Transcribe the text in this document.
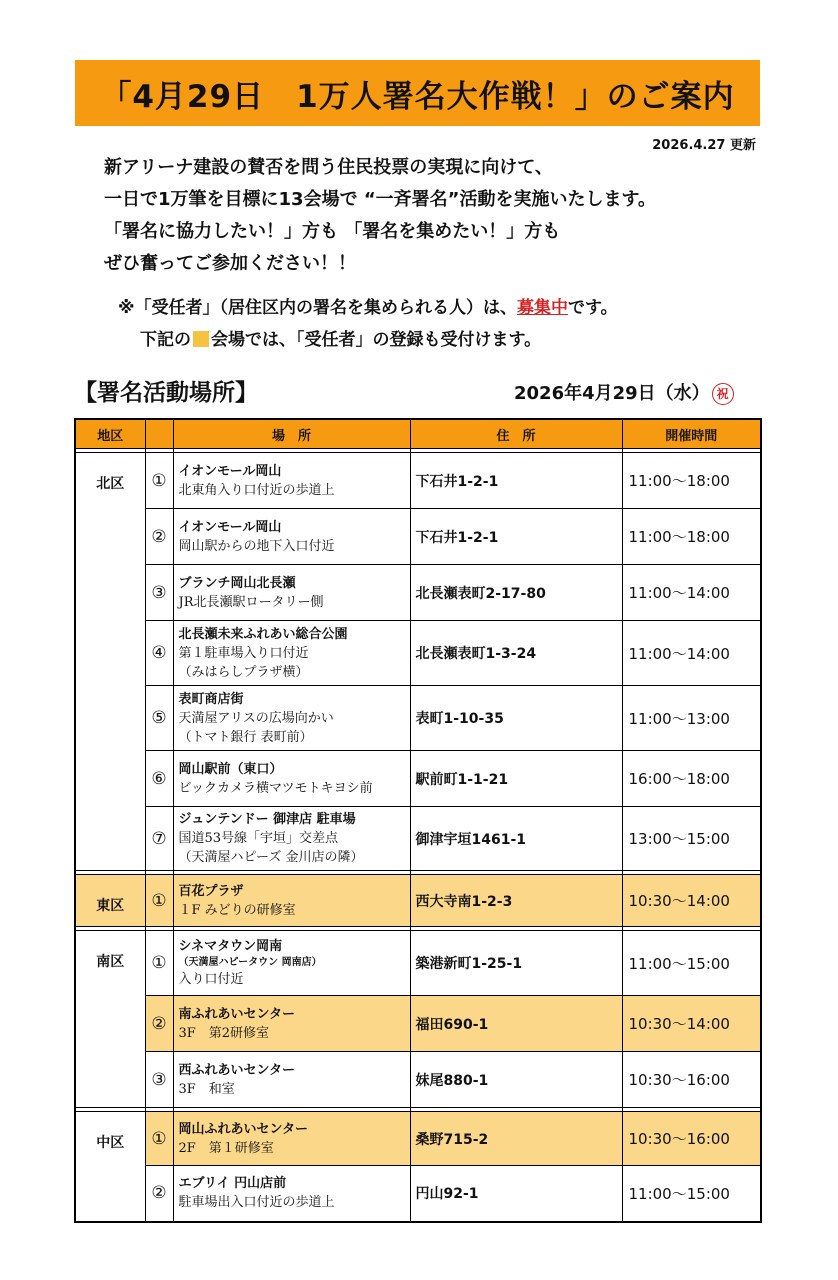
「4月29日　1万人署名大作戦！」のご案内
2026.4.27 更新
新アリーナ建設の賛否を問う住民投票の実現に向けて、
一日で1万筆を目標に13会場で “一斉署名”活動を実施いたします。
「署名に協力したい！」方も 「署名を集めたい！」方も
ぜひ奮ってご参加ください！！
※「受任者」（居住区内の署名を集められる人）は、募集中です。
下記の 会場では、「受任者」の登録も受付けます。
【署名活動場所】	2026年4月29日（水） 祝
地区		場　所	住　所	開催時間

北区	①	イオンモール岡山
北東角入り口付近の歩道上	下石井1-2-1	11:00～18:00
	②	イオンモール岡山
岡山駅からの地下入口付近	下石井1-2-1	11:00～18:00
	③	ブランチ岡山北長瀬
JR北長瀬駅ロータリー側	北長瀬表町2-17-80	11:00～14:00
	④	北長瀬未来ふれあい総合公園
第１駐車場入り口付近
（みはらしプラザ横）	北長瀬表町1-3-24	11:00～14:00
	⑤	表町商店街
天満屋アリスの広場向かい
（トマト銀行 表町前）	表町1-10-35	11:00～13:00
	⑥	岡山駅前（東口）
ビックカメラ横マツモトキヨシ前	駅前町1-1-21	16:00～18:00
	⑦	ジュンテンドー 御津店 駐車場
国道53号線「宇垣」交差点
（天満屋ハピーズ 金川店の隣）	御津宇垣1461-1	13:00～15:00

東区	①	百花プラザ
１F みどりの研修室	西大寺南1-2-3	10:30～14:00

南区	①	シネマタウン岡南
（天満屋ハピータウン 岡南店）
入り口付近	築港新町1-25-1	11:00～15:00
	②	南ふれあいセンター
3F　第2研修室	福田690-1	10:30～14:00
	③	西ふれあいセンター
3F　和室	妹尾880-1	10:30～16:00

中区	①	岡山ふれあいセンター
2F　第１研修室	桑野715-2	10:30～16:00
	②	エブリイ 円山店前
駐車場出入口付近の歩道上	円山92-1	11:00～15:00
